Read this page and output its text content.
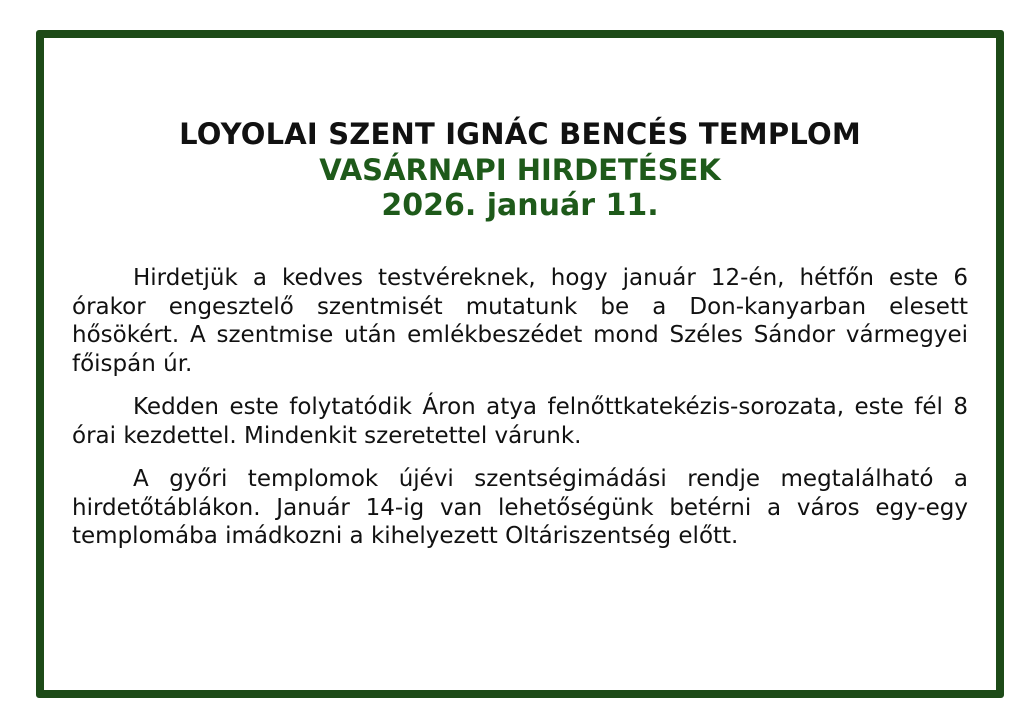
LOYOLAI SZENT IGNÁC BENCÉS TEMPLOM
VASÁRNAPI HIRDETÉSEK
2026. január 11.

Hirdetjük a kedves testvéreknek, hogy január 12-én, hétfőn este 6 órakor engesztelő szentmisét mutatunk be a Don-kanyarban elesett hősökért. A szentmise után emlékbeszédet mond Széles Sándor vármegyei főispán úr.

Kedden este folytatódik Áron atya felnőttkatekézis-sorozata, este fél 8 órai kezdettel. Mindenkit szeretettel várunk.

A győri templomok újévi szentségimádási rendje megtalálható a hirdetőtáblákon. Január 14-ig van lehetőségünk betérni a város egy-egy templomába imádkozni a kihelyezett Oltáriszentség előtt.
